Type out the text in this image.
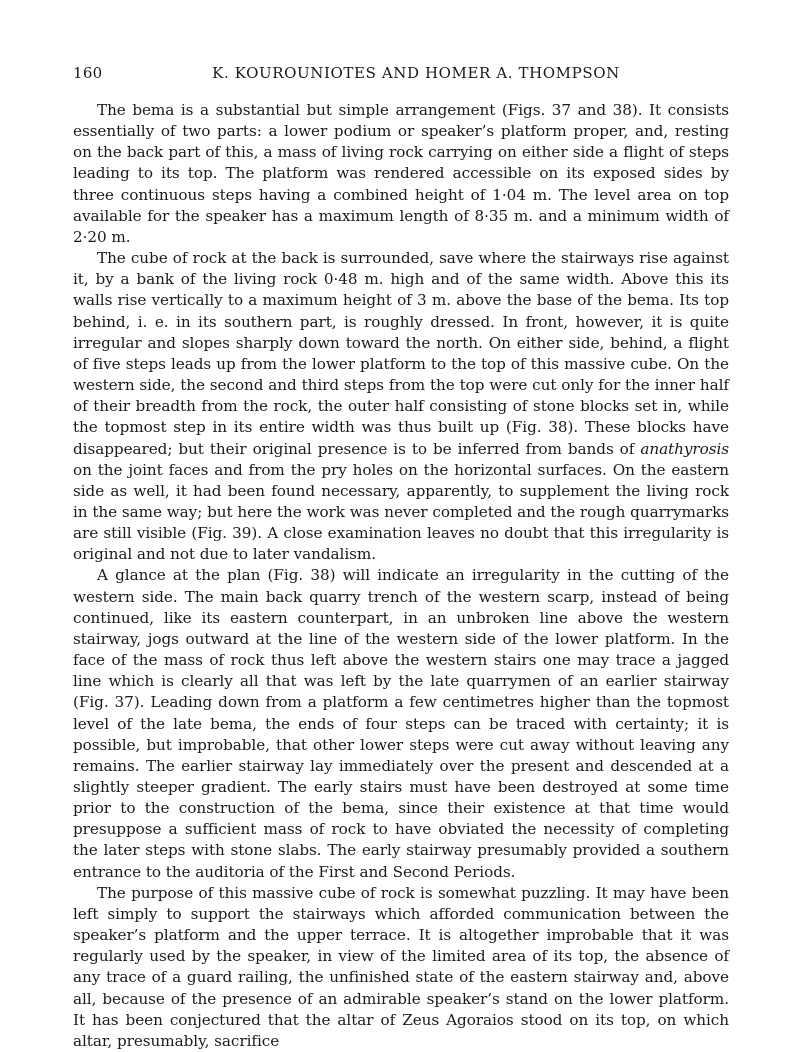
160	K. KOUROUNIOTES AND HOMER A. THOMPSON

The bema is a substantial but simple arrangement (Figs. 37 and 38). It consists essentially of two parts: a lower podium or speaker’s platform proper, and, resting on the back part of this, a mass of living rock carrying on either side a flight of steps leading to its top. The platform was rendered accessible on its exposed sides by three continuous steps having a combined height of 1·04 m. The level area on top available for the speaker has a maximum length of 8·35 m. and a minimum width of 2·20 m.

The cube of rock at the back is surrounded, save where the stairways rise against it, by a bank of the living rock 0·48 m. high and of the same width. Above this its walls rise vertically to a maximum height of 3 m. above the base of the bema. Its top behind, i. e. in its southern part, is roughly dressed. In front, however, it is quite irregular and slopes sharply down toward the north. On either side, behind, a flight of five steps leads up from the lower platform to the top of this massive cube. On the western side, the second and third steps from the top were cut only for the inner half of their breadth from the rock, the outer half consisting of stone blocks set in, while the topmost step in its entire width was thus built up (Fig. 38). These blocks have disappeared; but their original presence is to be inferred from bands of anathyrosis on the joint faces and from the pry holes on the horizontal surfaces. On the eastern side as well, it had been found necessary, apparently, to supplement the living rock in the same way; but here the work was never completed and the rough quarrymarks are still visible (Fig. 39). A close examination leaves no doubt that this irregularity is original and not due to later vandalism.

A glance at the plan (Fig. 38) will indicate an irregularity in the cutting of the western side. The main back quarry trench of the western scarp, instead of being continued, like its eastern counterpart, in an unbroken line above the western stairway, jogs outward at the line of the western side of the lower platform. In the face of the mass of rock thus left above the western stairs one may trace a jagged line which is clearly all that was left by the late quarrymen of an earlier stairway (Fig. 37). Leading down from a platform a few centimetres higher than the topmost level of the late bema, the ends of four steps can be traced with certainty; it is possible, but improbable, that other lower steps were cut away without leaving any remains. The earlier stairway lay immediately over the present and descended at a slightly steeper gradient. The early stairs must have been destroyed at some time prior to the construction of the bema, since their existence at that time would presuppose a sufficient mass of rock to have obviated the necessity of completing the later steps with stone slabs. The early stairway presumably provided a southern entrance to the auditoria of the First and Second Periods.

The purpose of this massive cube of rock is somewhat puzzling. It may have been left simply to support the stairways which afforded communication between the speaker’s platform and the upper terrace. It is altogether improbable that it was regularly used by the speaker, in view of the limited area of its top, the absence of any trace of a guard railing, the unfinished state of the eastern stairway and, above all, because of the presence of an admirable speaker’s stand on the lower platform. It has been conjectured that the altar of Zeus Agoraios stood on its top, on which altar, presumably, sacrifice
